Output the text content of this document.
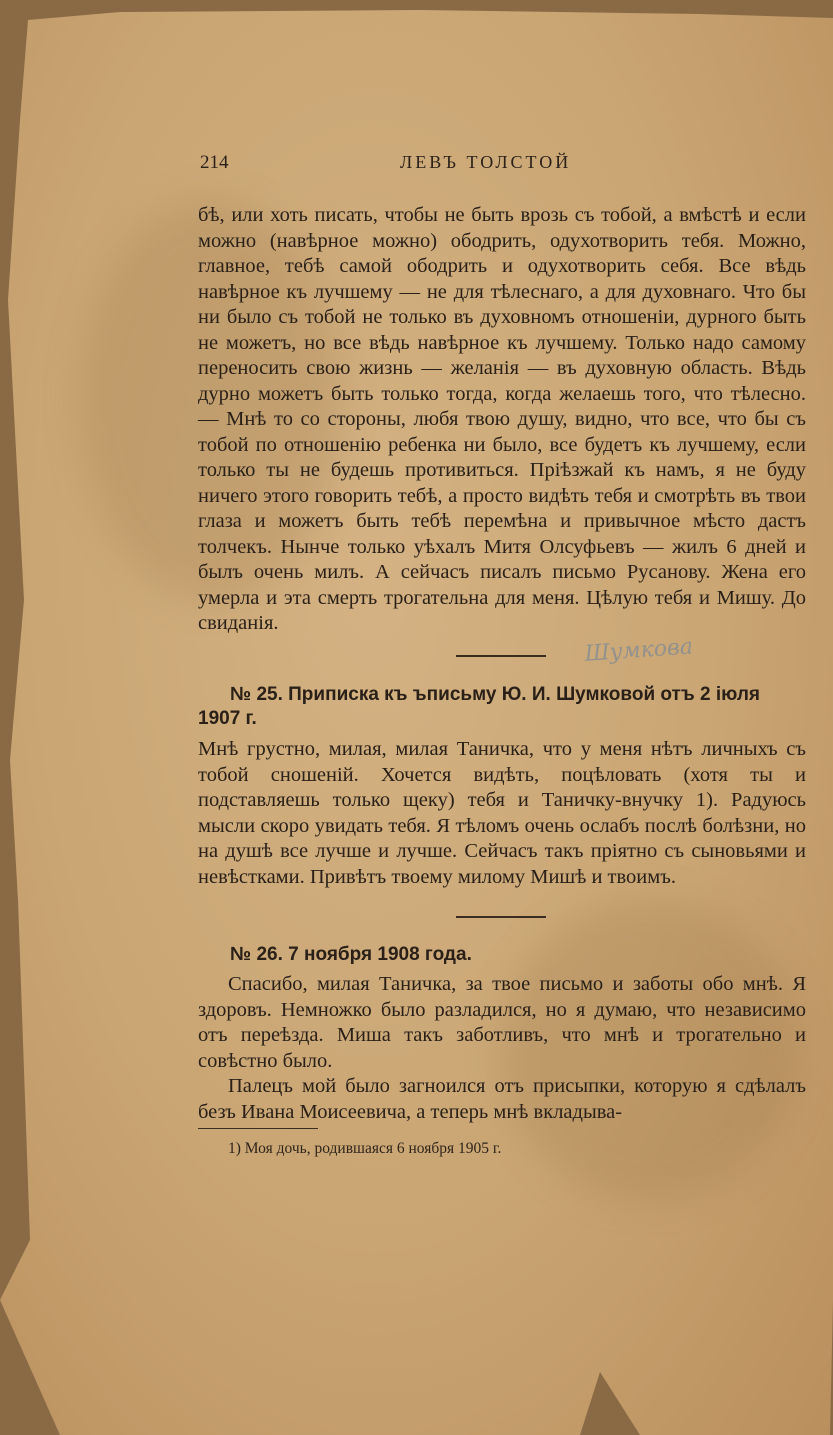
214	ЛЕВЪ ТОЛСТОЙ

бѣ, или хоть писать, чтобы не быть врозь съ тобой, а вмѣстѣ и если можно (навѣрное можно) ободрить, одухотворить тебя. Можно, главное, тебѣ самой ободрить и одухотворить себя. Все вѣдь навѣрное къ лучшему — не для тѣлеснаго, а для духовнаго. Что бы ни было съ тобой не только въ духовномъ отношеніи, дурного быть не можетъ, но все вѣдь навѣрное къ лучшему. Только надо самому переносить свою жизнь — желанія — въ духовную область. Вѣдь дурно можетъ быть только тогда, когда желаешь того, что тѣлесно. — Мнѣ то со стороны, любя твою душу, видно, что все, что бы съ тобой по отношенію ребенка ни было, все будетъ къ лучшему, если только ты не будешь противиться. Пріѣзжай къ намъ, я не буду ничего этого говорить тебѣ, а просто видѣть тебя и смотрѣть въ твои глаза и можетъ быть тебѣ перемѣна и привычное мѣсто дастъ толчекъ. Нынче только уѣхалъ Митя Олсуфьевъ — жилъ 6 дней и былъ очень милъ. А сейчасъ писалъ письмо Русанову. Жена его умерла и эта смерть трогательна для меня. Цѣлую тебя и Мишу. До свиданія.

Шумкова
№ 25. Приписка къ ъписьму Ю. И. Шумковой отъ 2 іюля 1907 г.

Мнѣ грустно, милая, милая Таничка, что у меня нѣтъ личныхъ съ тобой сношеній. Хочется видѣть, поцѣловать (хотя ты и подставляешь только щеку) тебя и Таничку-внучку 1). Радуюсь мысли скоро увидать тебя. Я тѣломъ очень ослабъ послѣ болѣзни, но на душѣ все лучше и лучше. Сейчасъ такъ пріятно съ сыновьями и невѣстками. Привѣтъ твоему милому Мишѣ и твоимъ.

№ 26. 7 ноября 1908 года.

Спасибо, милая Таничка, за твое письмо и заботы обо мнѣ. Я здоровъ. Немножко было разладился, но я думаю, что независимо отъ переѣзда. Миша такъ заботливъ, что мнѣ и трогательно и совѣстно было.

Палецъ мой было загноился отъ присыпки, которую я сдѣлалъ безъ Ивана Моисеевича, а теперь мнѣ вкладыва-

1) Моя дочь, родившаяся 6 ноября 1905 г.
